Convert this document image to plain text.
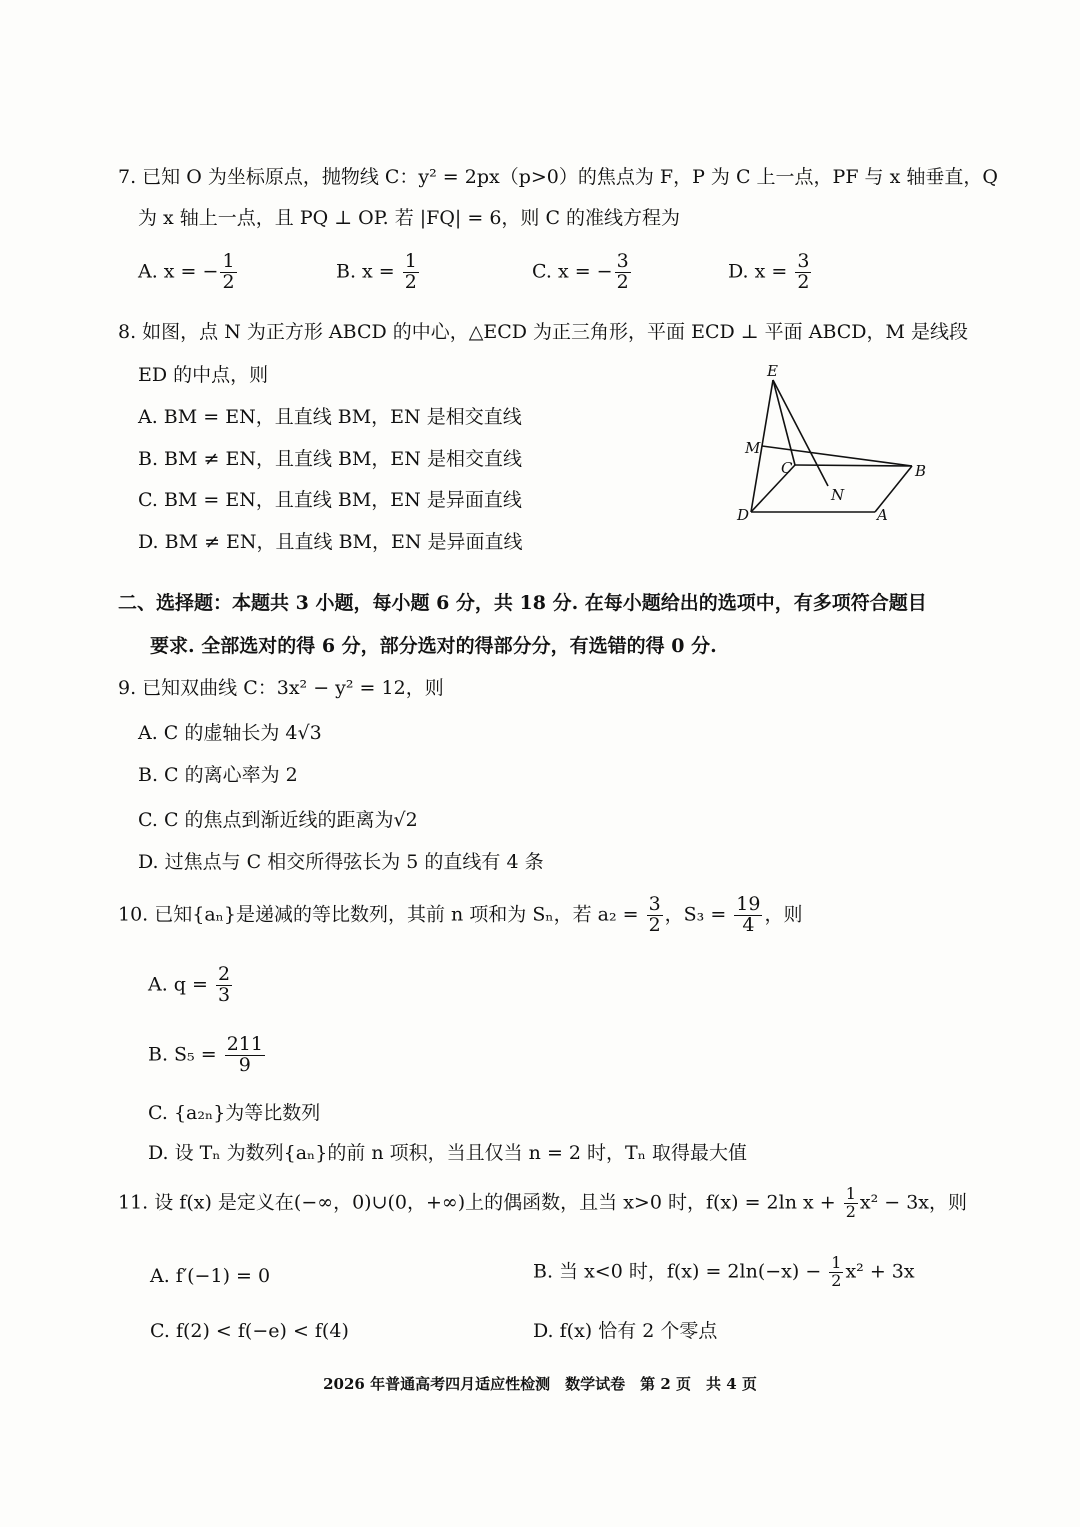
7. 已知 O 为坐标原点，抛物线 C：y² = 2px（p>0）的焦点为 F，P 为 C 上一点，PF 与 x 轴垂直，Q
为 x 轴上一点，且 PQ ⊥ OP. 若 |FQ| = 6，则 C 的准线方程为
A. x = − $\frac{1}{2}$	B. $x = \frac{1}{2}$	C. x = − $\frac{3}{2}$	D. $x = \frac{3}{2}$
8. 如图，点 N 为正方形 ABCD 的中心，△ECD 为正三角形，平面 ECD ⊥ 平面 ABCD，M 是线段
ED 的中点，则
A. BM = EN，且直线 BM，EN 是相交直线
B. BM ≠ EN，且直线 BM，EN 是相交直线
C. BM = EN，且直线 BM，EN 是异面直线
D. BM ≠ EN，且直线 BM，EN 是异面直线
E
M
C
N
B
D	A
二、选择题：本题共 3 小题，每小题 6 分，共 18 分. 在每小题给出的选项中，有多项符合题目
要求. 全部选对的得 6 分，部分选对的得部分分，有选错的得 0 分.
9. 已知双曲线 C：3x² − y² = 12，则
A. C 的虚轴长为 4√3
B. C 的离心率为 2
C. C 的焦点到渐近线的距离为√2
D. 过焦点与 C 相交所得弦长为 5 的直线有 4 条
10. 已知{aₙ}是递减的等比数列，其前 n 项和为 Sₙ，若 $a_2 = \frac{3}{2}$ ，$S_3 = \frac{19}{4}$ ，则
A. $q = \frac{2}{3}$
B. $S_5 = \frac{211}{9}$
C. {a₂ₙ}为等比数列
D. 设 Tₙ 为数列{aₙ}的前 n 项积，当且仅当 n = 2 时，Tₙ 取得最大值
11. 设 f(x) 是定义在(−∞，0)∪(0，+∞)上的偶函数，且当 x>0 时，f(x) = 2ln $x + \frac{1}{2} x^2 - 3x$，则
A. f′(−1) = 0	B. 当 x<0 时，$f(x) = 2\ln(-x) - \frac{1}{2} x^2 + 3x$
C. f(2) < f(−e) < f(4)	D. f(x) 恰有 2 个零点
2026 年普通高考四月适应性检测　数学试卷　第 2 页　共 4 页
